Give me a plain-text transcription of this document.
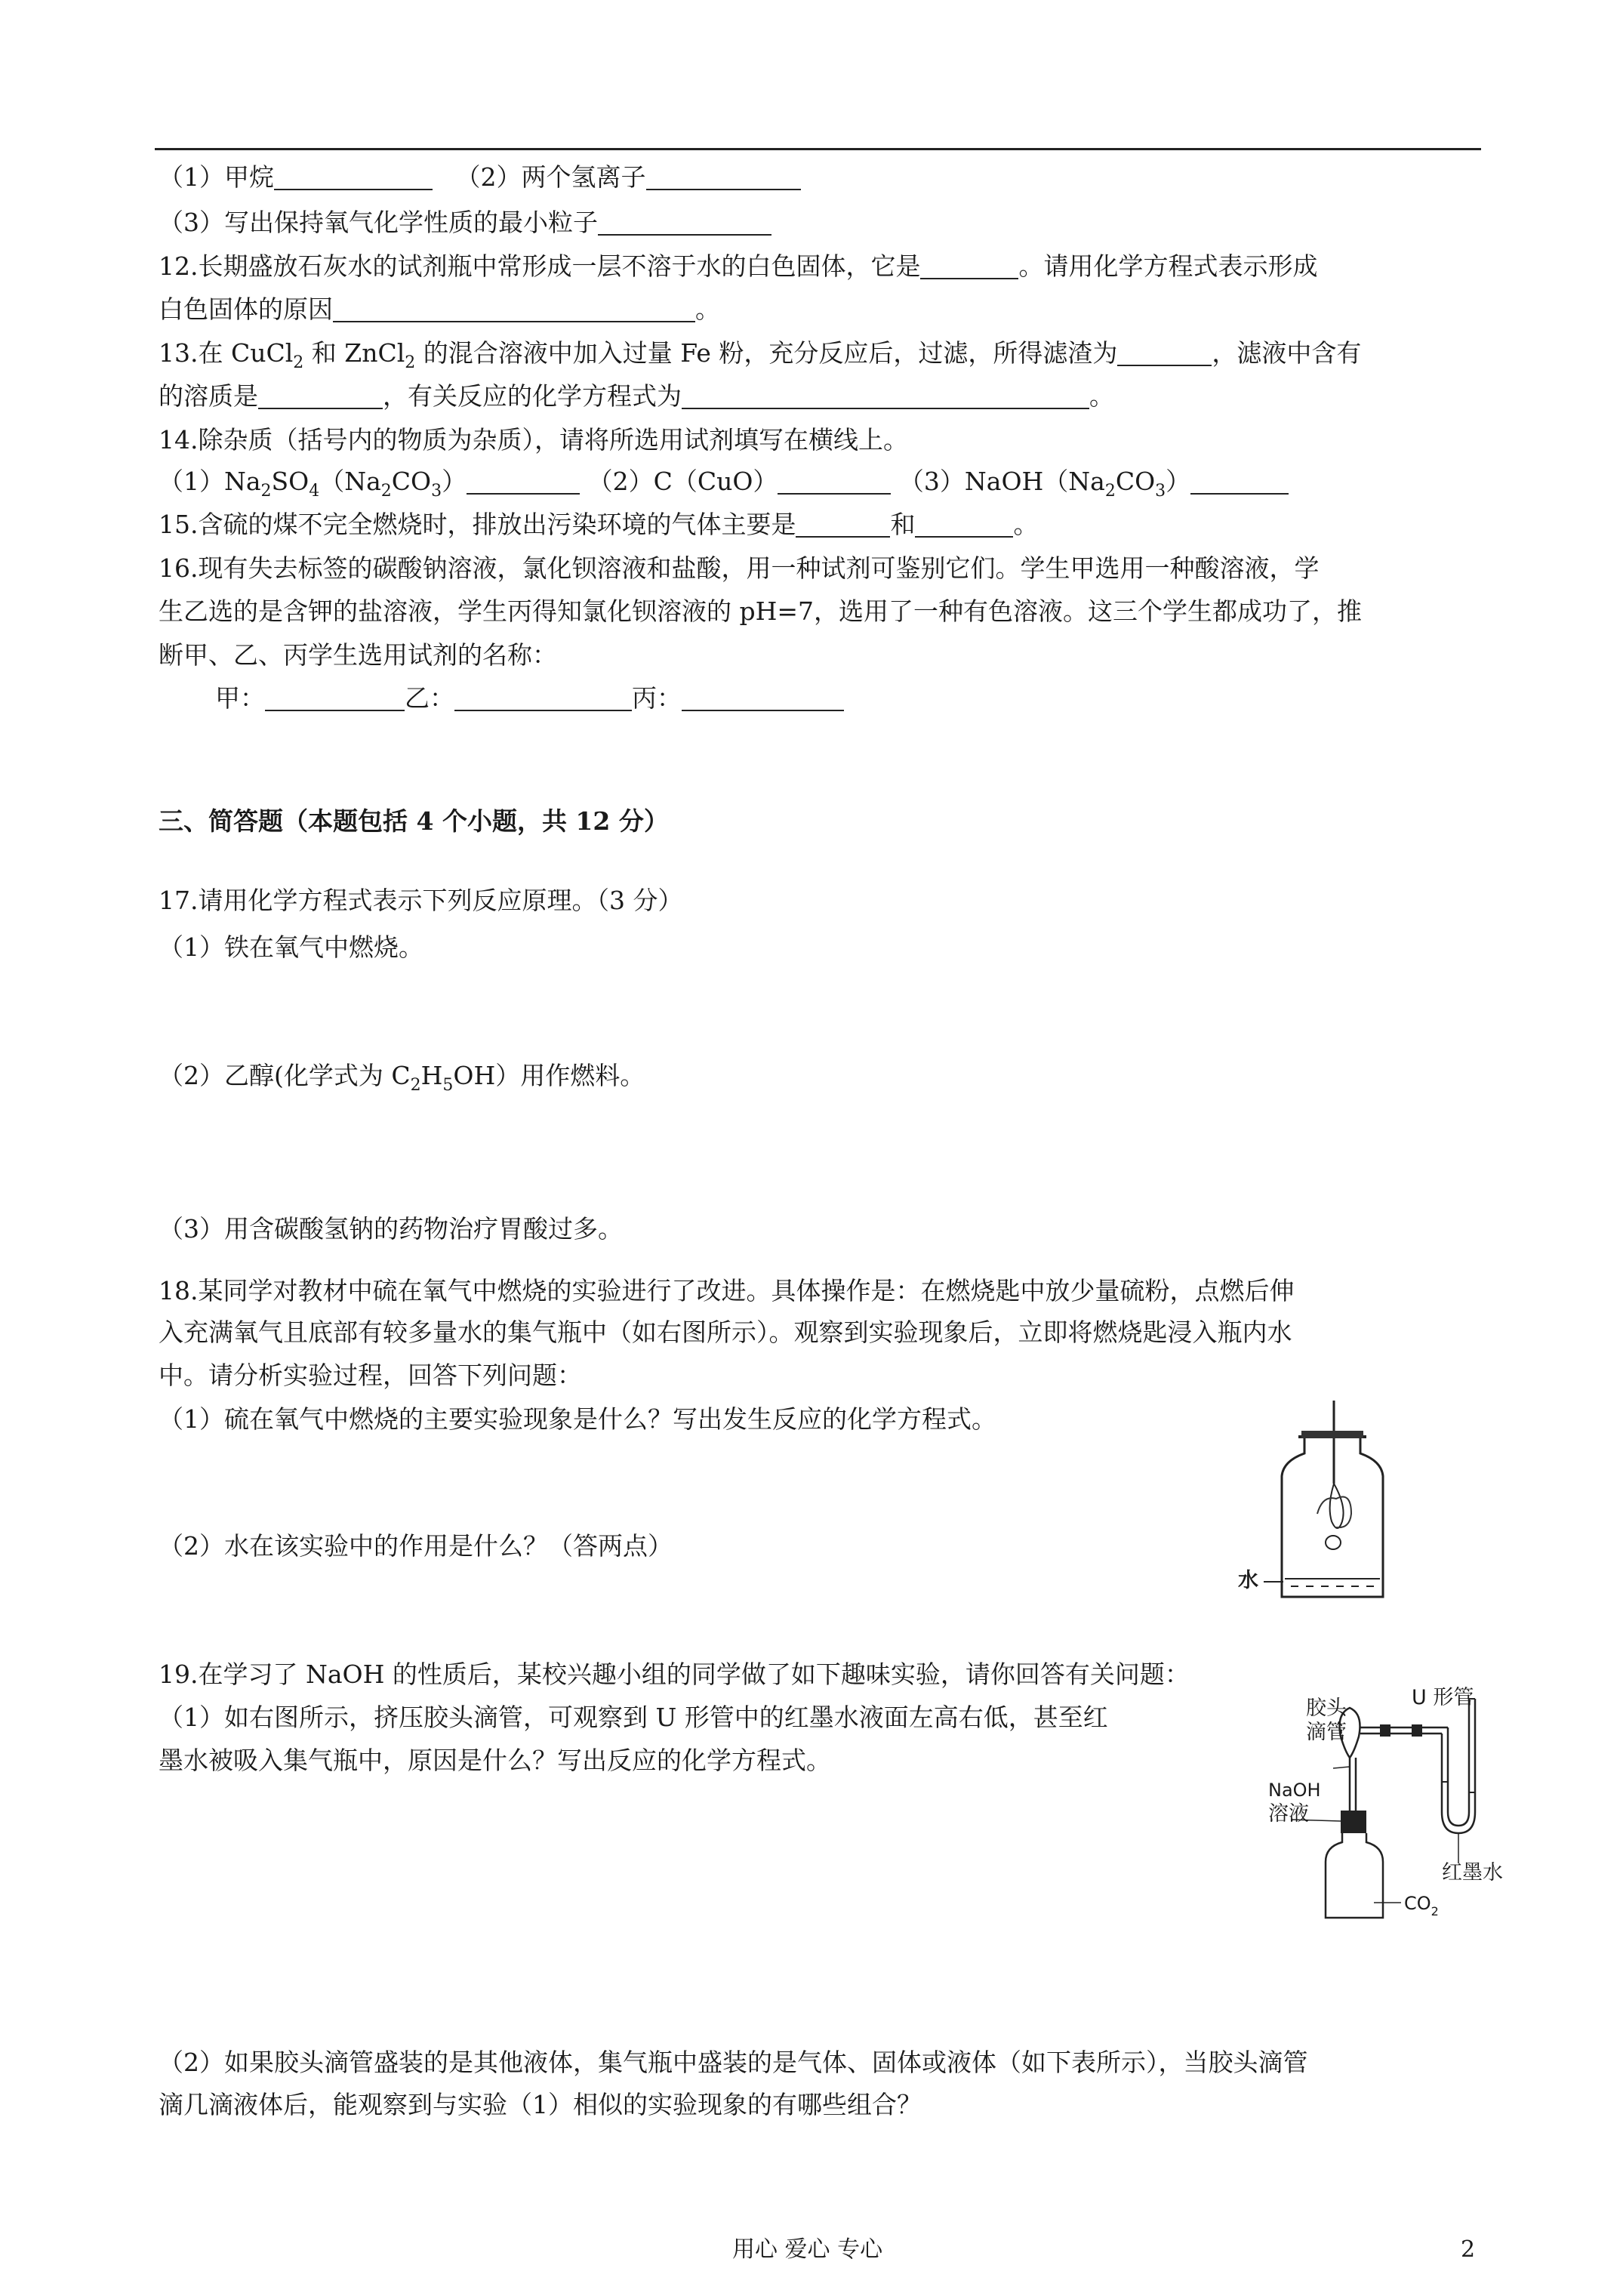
（1）甲烷	（2）两个氢离子
（3）写出保持氧气化学性质的最小粒子
12.长期盛放石灰水的试剂瓶中常形成一层不溶于水的白色固体，它是	。请用化学方程式表示形成
白色固体的原因	。
13.在 CuCl$_2$ 和 ZnCl$_2$ 的混合溶液中加入过量 Fe 粉，充分反应后，过滤，所得滤渣为	，滤液中含有
的溶质是	，有关反应的化学方程式为	。
14.除杂质（括号内的物质为杂质），请将所选用试剂填写在横线上。
$(1)Na_2SO_4(Na_2CO_3)$	（2）C（CuO）	$(3)NaOH(Na_2CO_3)$
15.含硫的煤不完全燃烧时，排放出污染环境的气体主要是	和	。
16.现有失去标签的碳酸钠溶液，氯化钡溶液和盐酸，用一种试剂可鉴别它们。学生甲选用一种酸溶液，学
生乙选的是含钾的盐溶液，学生丙得知氯化钡溶液的 pH=7，选用了一种有色溶液。这三个学生都成功了，推
断甲、乙、丙学生选用试剂的名称：
甲：	乙：	丙：
三、简答题（本题包括 4 个小题，共 12 分）
17.请用化学方程式表示下列反应原理。（3 分）
（1）铁在氧气中燃烧。
（2）乙醇(化学式为 $C_2H_5OH$）用作燃料。
（3）用含碳酸氢钠的药物治疗胃酸过多。
18.某同学对教材中硫在氧气中燃烧的实验进行了改进。具体操作是：在燃烧匙中放少量硫粉，点燃后伸
入充满氧气且底部有较多量水的集气瓶中（如右图所示）。观察到实验现象后，立即将燃烧匙浸入瓶内水
中。请分析实验过程，回答下列问题：
（1）硫在氧气中燃烧的主要实验现象是什么？写出发生反应的化学方程式。
（2）水在该实验中的作用是什么？（答两点）
水
19.在学习了 NaOH 的性质后，某校兴趣小组的同学做了如下趣味实验，请你回答有关问题：
（1）如右图所示，挤压胶头滴管，可观察到 U 形管中的红墨水液面左高右低，甚至红
墨水被吸入集气瓶中，原因是什么？写出反应的化学方程式。
胶头
滴管
U 形管
NaOH
溶液
红墨水
$CO_2$
（2）如果胶头滴管盛装的是其他液体，集气瓶中盛装的是气体、固体或液体（如下表所示），当胶头滴管
滴几滴液体后，能观察到与实验（1）相似的实验现象的有哪些组合？
用心 爱心 专心	2
